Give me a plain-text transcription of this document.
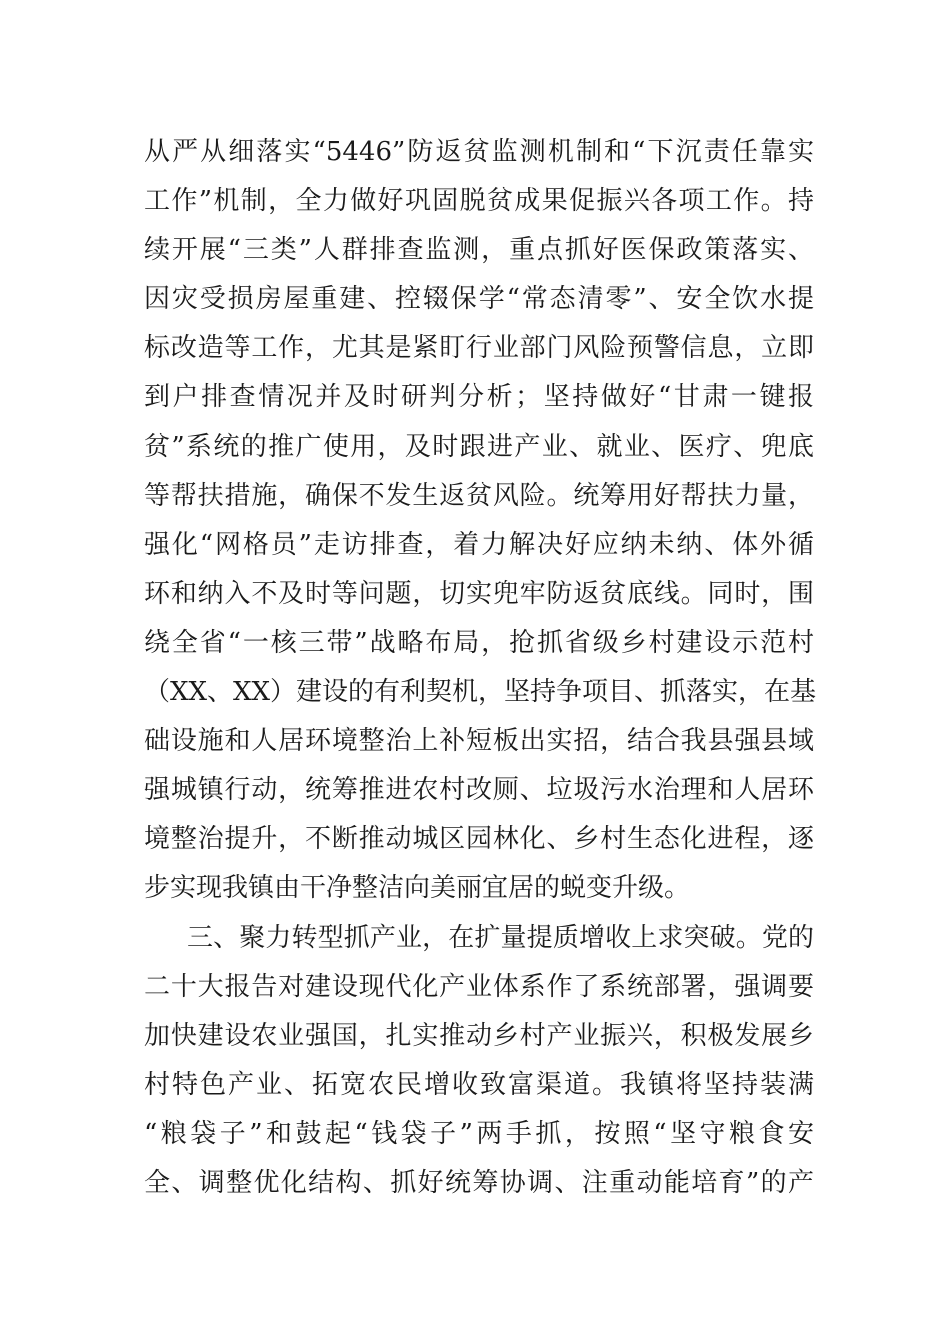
从严从细落实“5446”防返贫监测机制和“下沉责任靠实
工作”机制，全力做好巩固脱贫成果促振兴各项工作。持
续开展“三类”人群排查监测，重点抓好医保政策落实、
因灾受损房屋重建、控辍保学“常态清零”、安全饮水提
标改造等工作，尤其是紧盯行业部门风险预警信息，立即
到户排查情况并及时研判分析；坚持做好“甘肃一键报
贫”系统的推广使用，及时跟进产业、就业、医疗、兜底
等帮扶措施，确保不发生返贫风险。统筹用好帮扶力量，
强化“网格员”走访排查，着力解决好应纳未纳、体外循
环和纳入不及时等问题，切实兜牢防返贫底线。同时，围
绕全省“一核三带”战略布局，抢抓省级乡村建设示范村
（XX、XX）建设的有利契机，坚持争项目、抓落实，在基
础设施和人居环境整治上补短板出实招，结合我县强县域
强城镇行动，统筹推进农村改厕、垃圾污水治理和人居环
境整治提升，不断推动城区园林化、乡村生态化进程，逐
步实现我镇由干净整洁向美丽宜居的蜕变升级。
三、聚力转型抓产业，在扩量提质增收上求突破。党的
二十大报告对建设现代化产业体系作了系统部署，强调要
加快建设农业强国，扎实推动乡村产业振兴，积极发展乡
村特色产业、拓宽农民增收致富渠道。我镇将坚持装满
“粮袋子”和鼓起“钱袋子”两手抓，按照“坚守粮食安
全、调整优化结构、抓好统筹协调、注重动能培育”的产
